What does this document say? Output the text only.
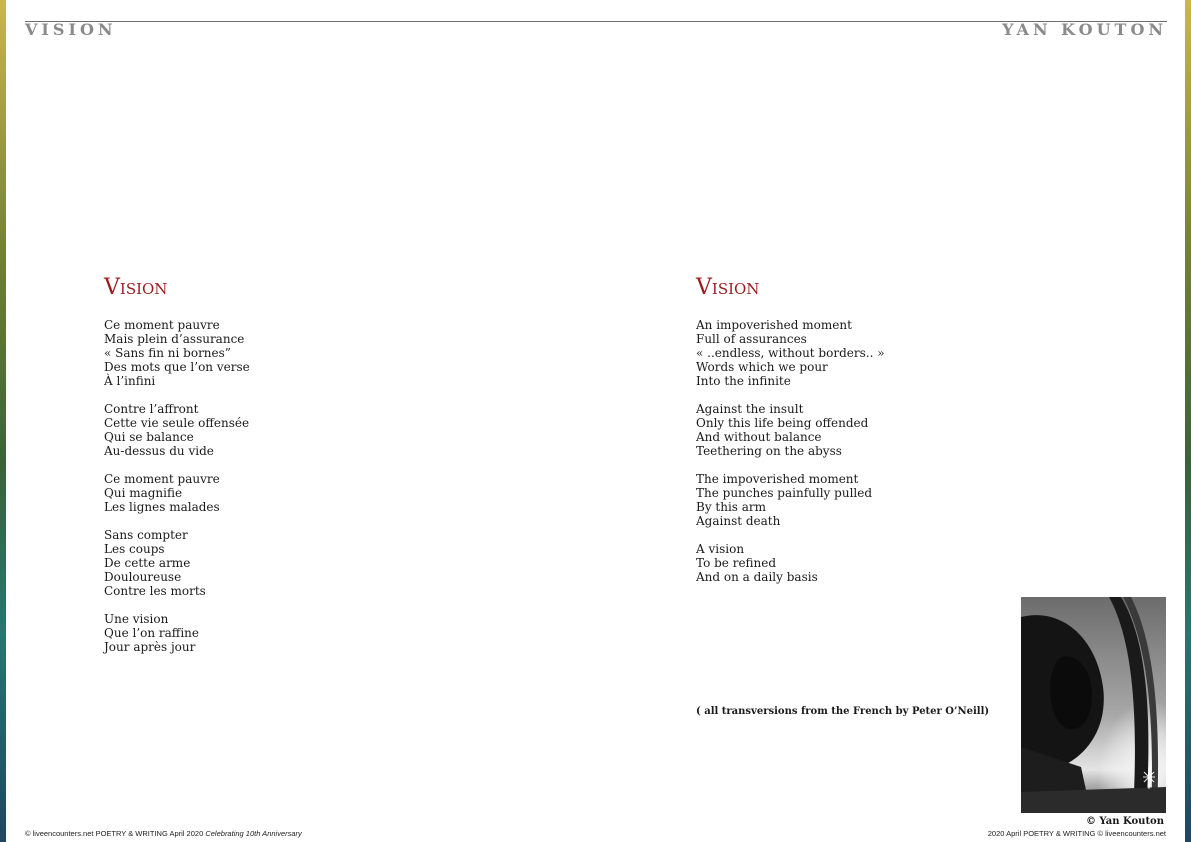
VISION	YAN KOUTON
Vision
Ce moment pauvre
Mais plein d’assurance
« Sans fin ni bornes”
Des mots que l’on verse
À l’infini
Contre l’affront
Cette vie seule offensée
Qui se balance
Au-dessus du vide
Ce moment pauvre
Qui magnifie
Les lignes malades
Sans compter
Les coups
De cette arme
Douloureuse
Contre les morts
Une vision
Que l’on raffine
Jour après jour
Vision
An impoverished moment
Full of assurances
« ..endless, without borders.. »
Words which we pour
Into the infinite
Against the insult
Only this life being offended
And without balance
Teethering on the abyss
The impoverished moment
The punches painfully pulled
By this arm
Against death
A vision
To be refined
And on a daily basis
( all transversions from the French by Peter O’Neill)
© Yan Kouton
© liveencounters.net POETRY & WRITING April 2020 Celebrating 10th Anniversary	2020 April POETRY & WRITING © liveencounters.net
